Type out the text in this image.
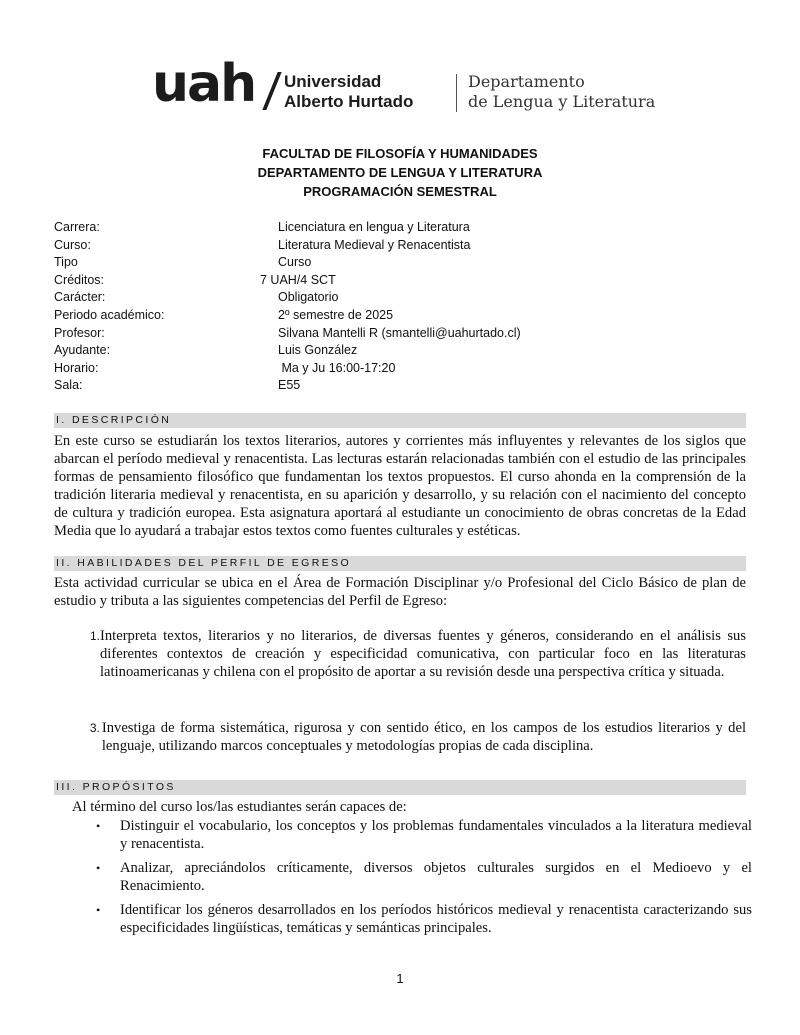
uah Universidad
Alberto Hurtado
Departamento
de Lengua y Literatura
FACULTAD DE FILOSOFÍA Y HUMANIDADES
DEPARTAMENTO DE LENGUA Y LITERATURA
PROGRAMACIÓN SEMESTRAL
Carrera:	Licenciatura en lengua y Literatura
Curso:	Literatura Medieval y Renacentista
Tipo	Curso
Créditos:	7 UAH/4 SCT
Carácter:	Obligatorio
Periodo académico:	2º semestre de 2025
Profesor:	Silvana Mantelli R (smantelli@uahurtado.cl)
Ayudante:	Luis González
Horario:	Ma y Ju 16:00-17:20
Sala:	E55
I. DESCRIPCIÓN
En este curso se estudiarán los textos literarios, autores y corrientes más influyentes y relevantes de los siglos que abarcan el período medieval y renacentista. Las lecturas estarán relacionadas también con el estudio de las principales formas de pensamiento filosófico que fundamentan los textos propuestos. El curso ahonda en la comprensión de la tradición literaria medieval y renacentista, en su aparición y desarrollo, y su relación con el nacimiento del concepto de cultura y tradición europea. Esta asignatura aportará al estudiante un conocimiento de obras concretas de la Edad Media que lo ayudará a trabajar estos textos como fuentes culturales y estéticas.
II. HABILIDADES DEL PERFIL DE EGRESO
Esta actividad curricular se ubica en el Área de Formación Disciplinar y/o Profesional del Ciclo Básico de plan de estudio y tributa a las siguientes competencias del Perfil de Egreso:
1. Interpreta textos, literarios y no literarios, de diversas fuentes y géneros, considerando en el análisis sus diferentes contextos de creación y especificidad comunicativa, con particular foco en las literaturas latinoamericanas y chilena con el propósito de aportar a su revisión desde una perspectiva crítica y situada.
3. Investiga de forma sistemática, rigurosa y con sentido ético, en los campos de los estudios literarios y del lenguaje, utilizando marcos conceptuales y metodologías propias de cada disciplina.
III. PROPÓSITOS
Al término del curso los/las estudiantes serán capaces de:
•	Distinguir el vocabulario, los conceptos y los problemas fundamentales vinculados a la literatura medieval y renacentista.
•	Analizar, apreciándolos críticamente, diversos objetos culturales surgidos en el Medioevo y el Renacimiento.
•	Identificar los géneros desarrollados en los períodos históricos medieval y renacentista caracterizando sus especificidades lingüísticas, temáticas y semánticas principales.
1
